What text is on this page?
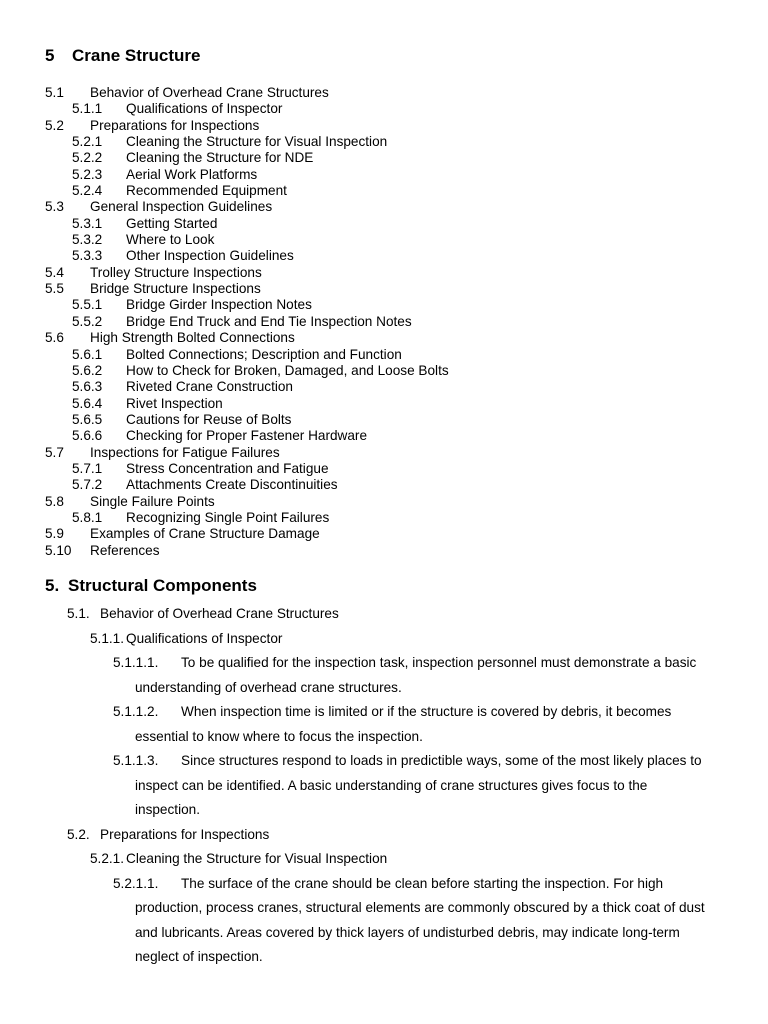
5 Crane Structure
5.1 Behavior of Overhead Crane Structures
5.1.1 Qualifications of Inspector
5.2 Preparations for Inspections
5.2.1 Cleaning the Structure for Visual Inspection
5.2.2 Cleaning the Structure for NDE
5.2.3 Aerial Work Platforms
5.2.4 Recommended Equipment
5.3 General Inspection Guidelines
5.3.1 Getting Started
5.3.2 Where to Look
5.3.3 Other Inspection Guidelines
5.4 Trolley Structure Inspections
5.5 Bridge Structure Inspections
5.5.1 Bridge Girder Inspection Notes
5.5.2 Bridge End Truck and End Tie Inspection Notes
5.6 High Strength Bolted Connections
5.6.1 Bolted Connections; Description and Function
5.6.2 How to Check for Broken, Damaged, and Loose Bolts
5.6.3 Riveted Crane Construction
5.6.4 Rivet Inspection
5.6.5 Cautions for Reuse of Bolts
5.6.6 Checking for Proper Fastener Hardware
5.7 Inspections for Fatigue Failures
5.7.1 Stress Concentration and Fatigue
5.7.2 Attachments Create Discontinuities
5.8 Single Failure Points
5.8.1 Recognizing Single Point Failures
5.9 Examples of Crane Structure Damage
5.10 References
5. Structural Components
5.1. Behavior of Overhead Crane Structures
5.1.1. Qualifications of Inspector
5.1.1.1. To be qualified for the inspection task, inspection personnel must demonstrate a basic
understanding of overhead crane structures.
5.1.1.2. When inspection time is limited or if the structure is covered by debris, it becomes
essential to know where to focus the inspection.
5.1.1.3. Since structures respond to loads in predictible ways, some of the most likely places to
inspect can be identified. A basic understanding of crane structures gives focus to the
inspection.
5.2. Preparations for Inspections
5.2.1. Cleaning the Structure for Visual Inspection
5.2.1.1. The surface of the crane should be clean before starting the inspection. For high
production, process cranes, structural elements are commonly obscured by a thick coat of dust
and lubricants. Areas covered by thick layers of undisturbed debris, may indicate long-term
neglect of inspection.
